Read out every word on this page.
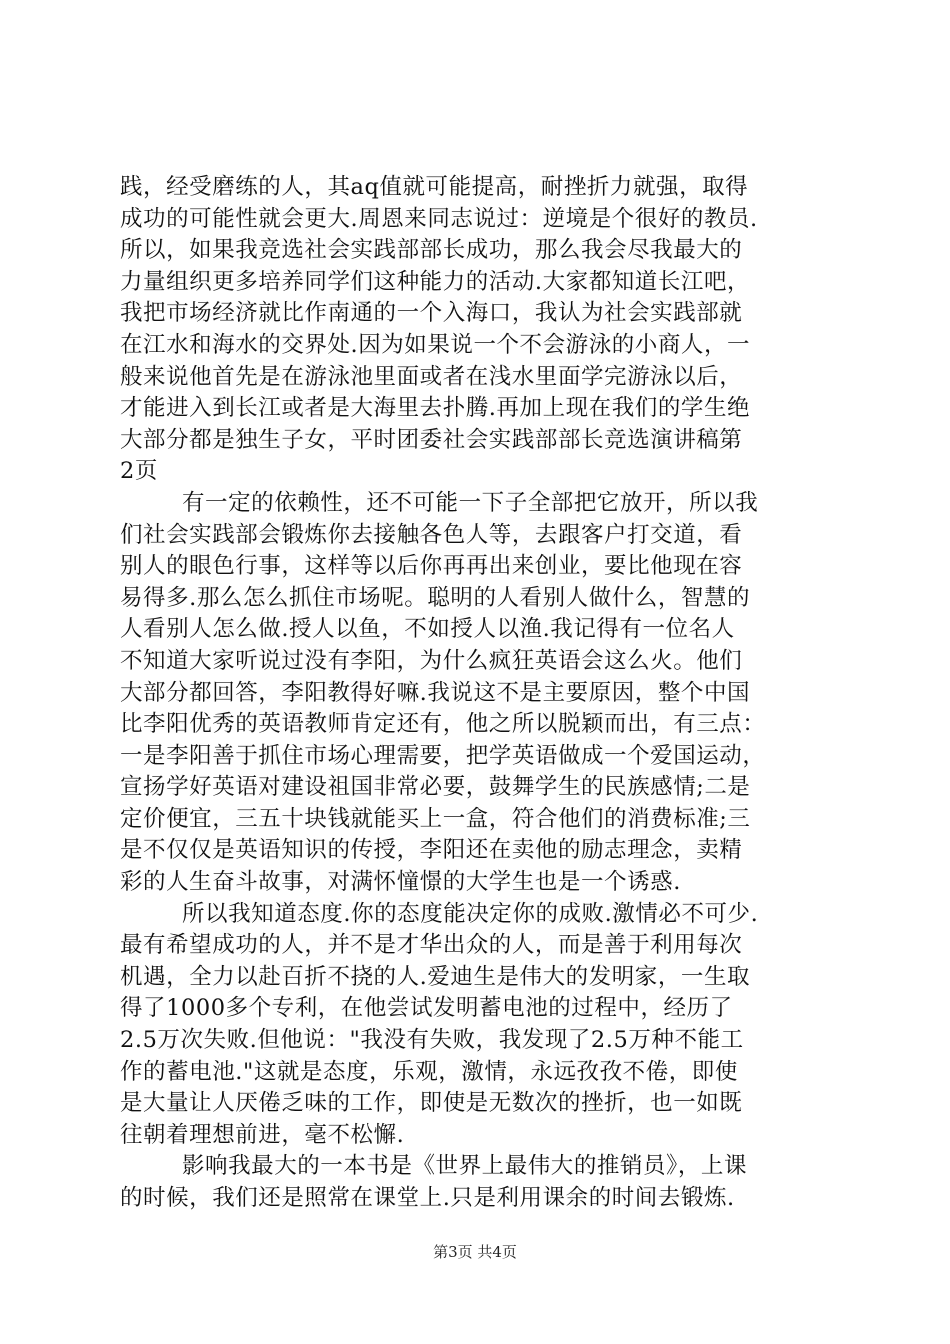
践，经受磨练的人，其aq值就可能提高，耐挫折力就强，取得
成功的可能性就会更大.周恩来同志说过：逆境是个很好的教员.
所以，如果我竞选社会实践部部长成功，那么我会尽我最大的
力量组织更多培养同学们这种能力的活动.大家都知道长江吧，
我把市场经济就比作南通的一个入海口，我认为社会实践部就
在江水和海水的交界处.因为如果说一个不会游泳的小商人，一
般来说他首先是在游泳池里面或者在浅水里面学完游泳以后，
才能进入到长江或者是大海里去扑腾.再加上现在我们的学生绝
大部分都是独生子女，平时团委社会实践部部长竞选演讲稿第
2页
有一定的依赖性，还不可能一下子全部把它放开，所以我
们社会实践部会锻炼你去接触各色人等，去跟客户打交道，看
别人的眼色行事，这样等以后你再再出来创业，要比他现在容
易得多.那么怎么抓住市场呢。聪明的人看别人做什么，智慧的
人看别人怎么做.授人以鱼，不如授人以渔.我记得有一位名人
不知道大家听说过没有李阳，为什么疯狂英语会这么火。他们
大部分都回答，李阳教得好嘛.我说这不是主要原因，整个中国
比李阳优秀的英语教师肯定还有，他之所以脱颖而出，有三点：
一是李阳善于抓住市场心理需要，把学英语做成一个爱国运动，
宣扬学好英语对建设祖国非常必要，鼓舞学生的民族感情;二是
定价便宜，三五十块钱就能买上一盒，符合他们的消费标准;三
是不仅仅是英语知识的传授，李阳还在卖他的励志理念，卖精
彩的人生奋斗故事，对满怀憧憬的大学生也是一个诱惑.
所以我知道态度.你的态度能决定你的成败.激情必不可少.
最有希望成功的人，并不是才华出众的人，而是善于利用每次
机遇，全力以赴百折不挠的人.爱迪生是伟大的发明家，一生取
得了1000多个专利，在他尝试发明蓄电池的过程中，经历了
2.5万次失败.但他说："我没有失败，我发现了2.5万种不能工
作的蓄电池."这就是态度，乐观，激情，永远孜孜不倦，即使
是大量让人厌倦乏味的工作，即使是无数次的挫折，也一如既
往朝着理想前进，毫不松懈.
影响我最大的一本书是《世界上最伟大的推销员》，上课
的时候，我们还是照常在课堂上.只是利用课余的时间去锻炼.
第3页 共4页
